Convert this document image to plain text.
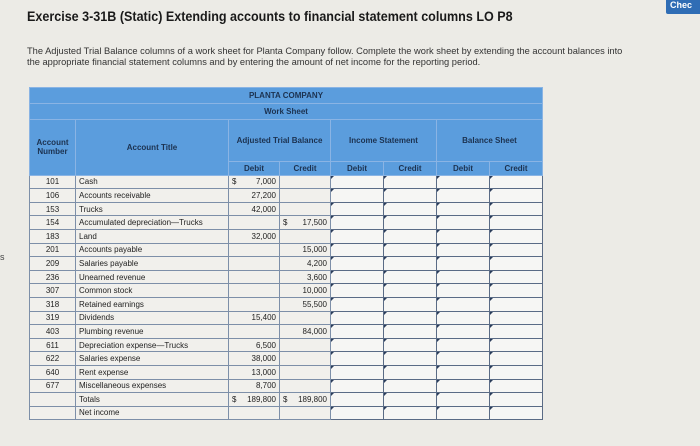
Chec
s
Exercise 3-31B (Static) Extending accounts to financial statement columns LO P8
The Adjusted Trial Balance columns of a work sheet for Planta Company follow. Complete the work sheet by extending the account balances into the appropriate financial statement columns and by entering the amount of net income for the reporting period.
PLANTA COMPANY							
Work Sheet							
Account Number	Account Title	Adjusted Trial Balance		Income Statement		Balance Sheet	
		Debit	Credit	Debit	Credit	Debit	Credit
101	Cash	$ 7,000					
106	Accounts receivable	27,200					
153	Trucks	42,000					
154	Accumulated depreciation—Trucks		$ 17,500				
183	Land	32,000					
201	Accounts payable		15,000				
209	Salaries payable		4,200				
236	Unearned revenue		3,600				
307	Common stock		10,000				
318	Retained earnings		55,500				
319	Dividends	15,400					
403	Plumbing revenue		84,000				
611	Depreciation expense—Trucks	6,500					
622	Salaries expense	38,000					
640	Rent expense	13,000					
677	Miscellaneous expenses	8,700					
	Totals	$ 189,800	$ 189,800				
	Net income						
